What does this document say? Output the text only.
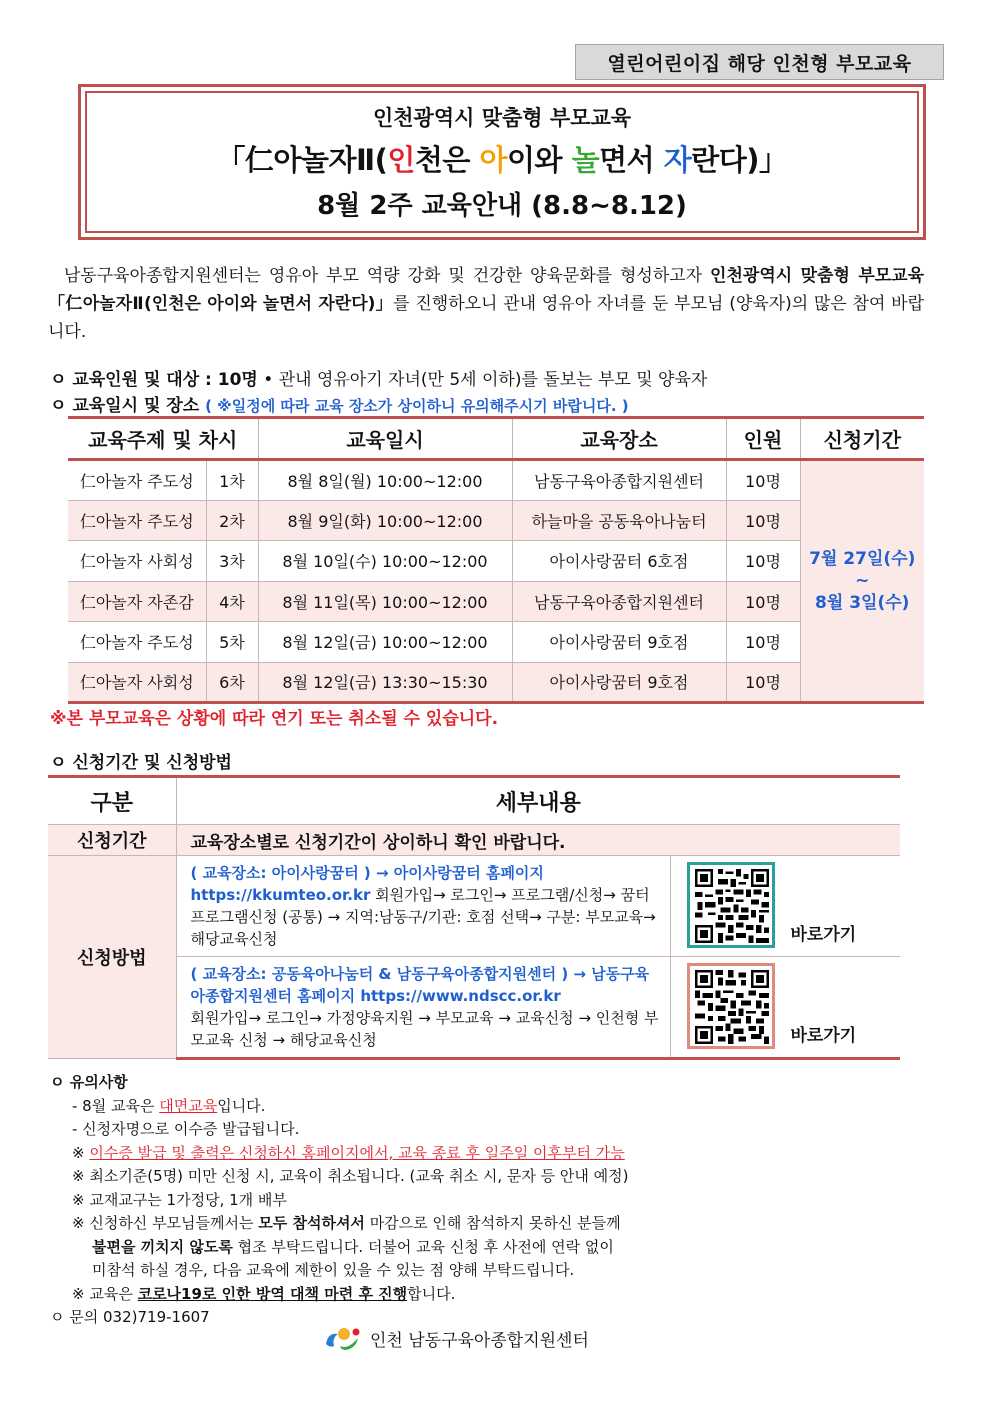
열린어린이집 해당 인천형 부모교육
인천광역시 맞춤형 부모교육
「仁아놀자Ⅱ(인천은 아이와 놀면서 자란다)」
8월 2주 교육안내 (8.8~8.12)
남동구육아종합지원센터는 영유아 부모 역량 강화 및 건강한 양육문화를 형성하고자 인천광역시 맞춤형 부모교육「仁아놀자Ⅱ(인천은 아이와 놀면서 자란다)」를 진행하오니 관내 영유아 자녀를 둔 부모님 (양육자)의 많은 참여 바랍니다.
ㅇ 교육인원 및 대상 : 10명 • 관내 영유아기 자녀(만 5세 이하)를 돌보는 부모 및 양육자
ㅇ 교육일시 및 장소 ( ※일정에 따라 교육 장소가 상이하니 유의해주시기 바랍니다. )
교육주제 및 차시		교육일시	교육장소	인원	신청기간
仁아놀자 주도성	1차	8월 8일(월) 10:00~12:00	남동구육아종합지원센터	10명	7월 27일(수)
~
8월 3일(수)

仁아놀자 주도성	2차	8월 9일(화) 10:00~12:00	하늘마을 공동육아나눔터	10명	
仁아놀자 사회성	3차	8월 10일(수) 10:00~12:00	아이사랑꿈터 6호점	10명	
仁아놀자 자존감	4차	8월 11일(목) 10:00~12:00	남동구육아종합지원센터	10명	
仁아놀자 주도성	5차	8월 12일(금) 10:00~12:00	아이사랑꿈터 9호점	10명	
仁아놀자 사회성	6차	8월 12일(금) 13:30~15:30	아이사랑꿈터 9호점	10명	
※본 부모교육은 상황에 따라 연기 또는 취소될 수 있습니다.
ㅇ 신청기간 및 신청방법
구분	세부내용	
신청기간	교육장소별로 신청기간이 상이하니 확인 바랍니다.	
신청방법	( 교육장소: 아이사랑꿈터 ) → 아이사랑꿈터 홈페이지
https://kkumteo.or.kr 회원가입→ 로그인→ 프로그램/신청→ 꿈터 프로그램신청 (공통) → 지역:남동구/기관: 호점 선택→ 구분: 부모교육→ 해당교육신청	바로가기

	( 교육장소: 공동육아나눔터 & 남동구육아종합지원센터 ) → 남동구육아종합지원센터 홈페이지 https://www.ndscc.or.kr
회원가입→ 로그인→ 가정양육지원 → 부모교육 → 교육신청 → 인천형 부모교육 신청 → 해당교육신청	바로가기
ㅇ 유의사항
- 8월 교육은 대면교육입니다.
- 신청자명으로 이수증 발급됩니다.
※ 이수증 발급 및 출력은 신청하신 홈페이지에서, 교육 종료 후 일주일 이후부터 가능
※ 최소기준(5명) 미만 신청 시, 교육이 취소됩니다. (교육 취소 시, 문자 등 안내 예정)
※ 교재교구는 1가정당, 1개 배부
※ 신청하신 부모님들께서는 모두 참석하셔서 마감으로 인해 참석하지 못하신 분들께
불편을 끼치지 않도록 협조 부탁드립니다. 더불어 교육 신청 후 사전에 연락 없이
미참석 하실 경우, 다음 교육에 제한이 있을 수 있는 점 양해 부탁드립니다.
※ 교육은 코로나19로 인한 방역 대책 마련 후 진행합니다.
ㅇ 문의 032)719-1607
인천 남동구육아종합지원센터
